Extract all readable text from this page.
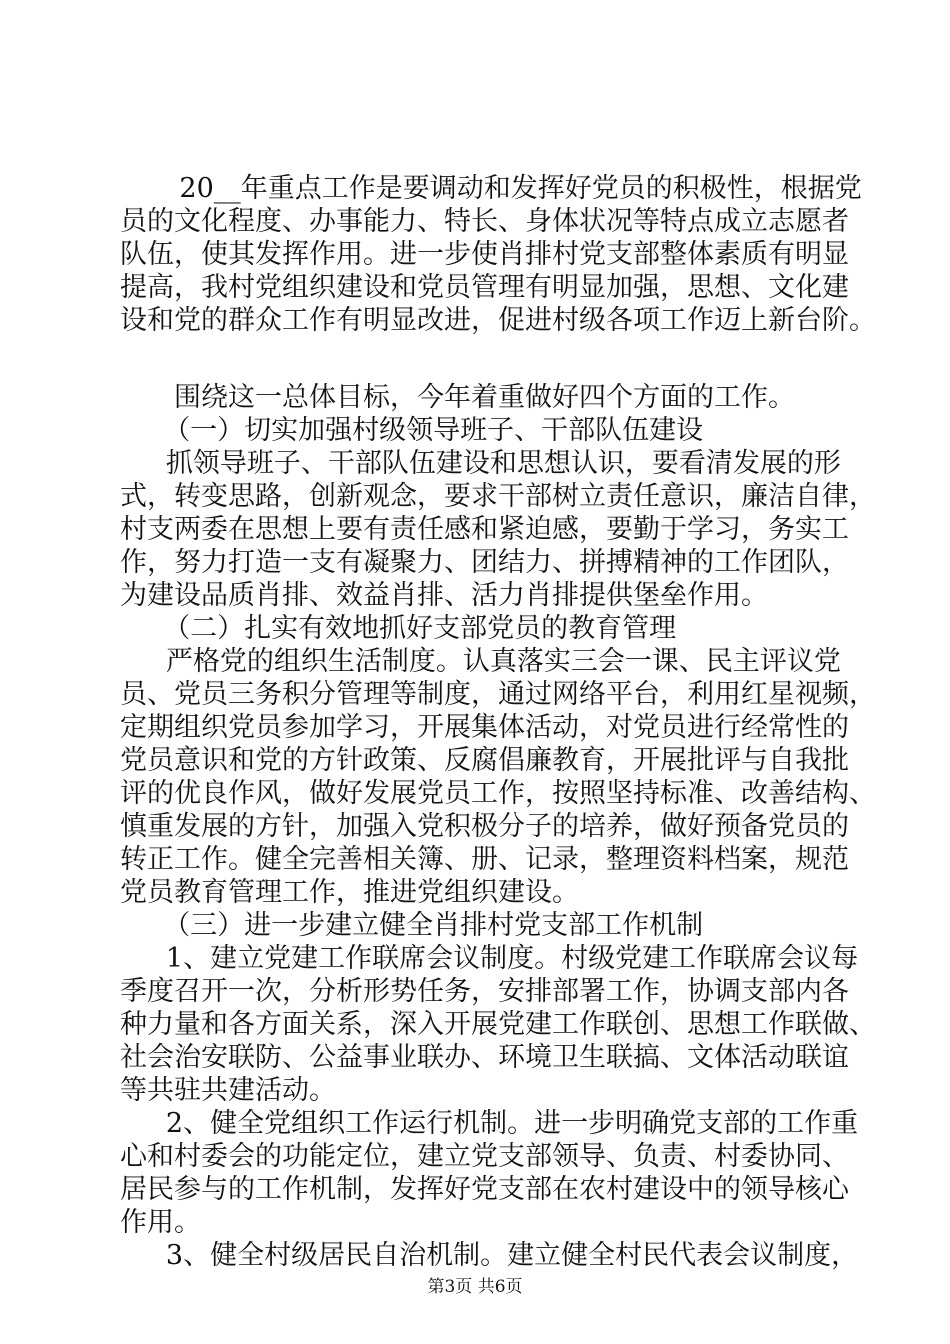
20__年重点工作是要调动和发挥好党员的积极性，根据党
员的文化程度、办事能力、特长、身体状况等特点成立志愿者
队伍，使其发挥作用。进一步使肖排村党支部整体素质有明显
提高，我村党组织建设和党员管理有明显加强，思想、文化建
设和党的群众工作有明显改进，促进村级各项工作迈上新台阶。
围绕这一总体目标，今年着重做好四个方面的工作。
（一）切实加强村级领导班子、干部队伍建设
抓领导班子、干部队伍建设和思想认识，要看清发展的形
式，转变思路，创新观念，要求干部树立责任意识，廉洁自律，
村支两委在思想上要有责任感和紧迫感，要勤于学习，务实工
作，努力打造一支有凝聚力、团结力、拼搏精神的工作团队，
为建设品质肖排、效益肖排、活力肖排提供堡垒作用。
（二）扎实有效地抓好支部党员的教育管理
严格党的组织生活制度。认真落实三会一课、民主评议党
员、党员三务积分管理等制度，通过网络平台，利用红星视频，
定期组织党员参加学习，开展集体活动，对党员进行经常性的
党员意识和党的方针政策、反腐倡廉教育，开展批评与自我批
评的优良作风，做好发展党员工作，按照坚持标准、改善结构、
慎重发展的方针，加强入党积极分子的培养，做好预备党员的
转正工作。健全完善相关簿、册、记录，整理资料档案，规范
党员教育管理工作，推进党组织建设。
（三）进一步建立健全肖排村党支部工作机制
1、建立党建工作联席会议制度。村级党建工作联席会议每
季度召开一次，分析形势任务，安排部署工作，协调支部内各
种力量和各方面关系，深入开展党建工作联创、思想工作联做、
社会治安联防、公益事业联办、环境卫生联搞、文体活动联谊
等共驻共建活动。
2、健全党组织工作运行机制。进一步明确党支部的工作重
心和村委会的功能定位，建立党支部领导、负责、村委协同、
居民参与的工作机制，发挥好党支部在农村建设中的领导核心
作用。
3、健全村级居民自治机制。建立健全村民代表会议制度，
第3页 共6页
